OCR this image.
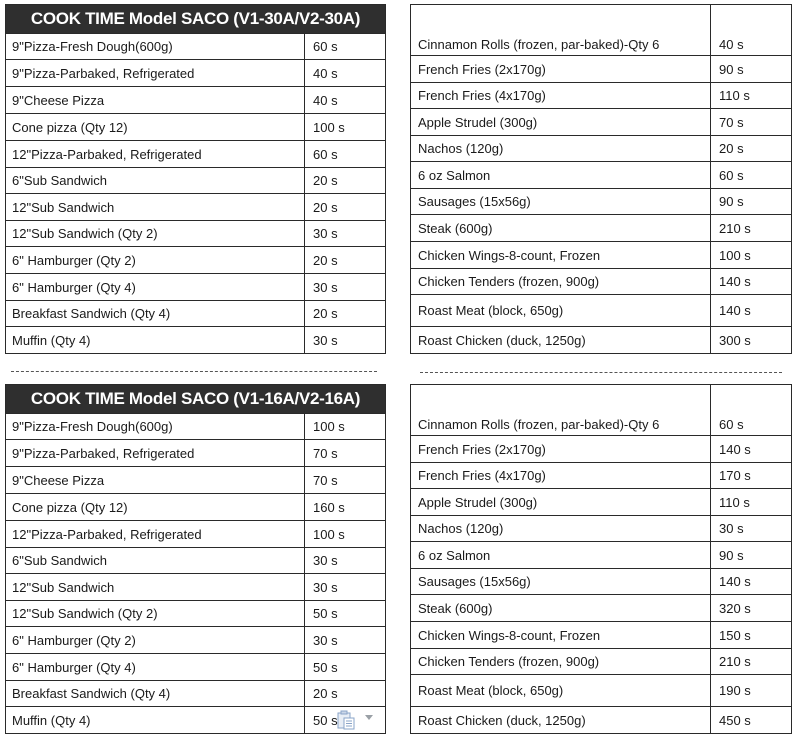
COOK TIME Model SACO (V1-30A/V2-30A)	
9"Pizza-Fresh Dough(600g)	60 s
9"Pizza-Parbaked, Refrigerated	40 s
9"Cheese Pizza	40 s
Cone pizza (Qty 12)	100 s
12"Pizza-Parbaked, Refrigerated	60 s
6"Sub Sandwich	20 s
12"Sub Sandwich	20 s
12"Sub Sandwich (Qty 2)	30 s
6" Hamburger (Qty 2)	20 s
6" Hamburger (Qty 4)	30 s
Breakfast Sandwich (Qty 4)	20 s
Muffin (Qty 4)	30 s
COOK TIME Model SACO (V1-16A/V2-16A)	
9"Pizza-Fresh Dough(600g)	100 s
9"Pizza-Parbaked, Refrigerated	70 s
9"Cheese Pizza	70 s
Cone pizza (Qty 12)	160 s
12"Pizza-Parbaked, Refrigerated	100 s
6"Sub Sandwich	30 s
12"Sub Sandwich	30 s
12"Sub Sandwich (Qty 2)	50 s
6" Hamburger (Qty 2)	30 s
6" Hamburger (Qty 4)	50 s
Breakfast Sandwich (Qty 4)	20 s
Muffin (Qty 4)	50 s
Cinnamon Rolls (frozen, par-baked)-Qty 6	40 s
French Fries (2x170g)	90 s
French Fries (4x170g)	110 s
Apple Strudel (300g)	70 s
Nachos (120g)	20 s
6 oz Salmon	60 s
Sausages (15x56g)	90 s
Steak (600g)	210 s
Chicken Wings-8-count, Frozen	100 s
Chicken Tenders (frozen, 900g)	140 s
Roast Meat (block, 650g)	140 s
Roast Chicken (duck, 1250g)	300 s
Cinnamon Rolls (frozen, par-baked)-Qty 6	60 s
French Fries (2x170g)	140 s
French Fries (4x170g)	170 s
Apple Strudel (300g)	110 s
Nachos (120g)	30 s
6 oz Salmon	90 s
Sausages (15x56g)	140 s
Steak (600g)	320 s
Chicken Wings-8-count, Frozen	150 s
Chicken Tenders (frozen, 900g)	210 s
Roast Meat (block, 650g)	190 s
Roast Chicken (duck, 1250g)	450 s
